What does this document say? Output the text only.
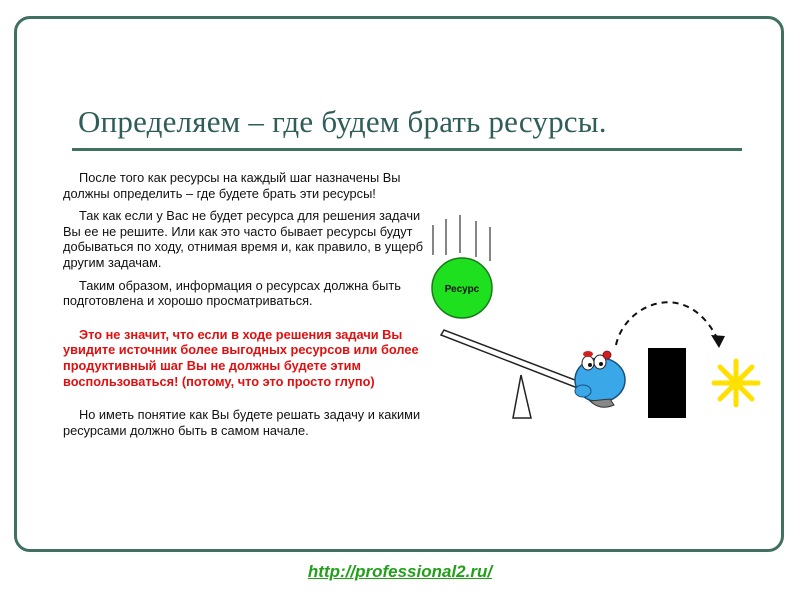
Определяем – где будем брать ресурсы.

После того как ресурсы на каждый шаг назначены Вы должны определить – где будете брать эти ресурсы!

Так как если у Вас не будет ресурса для решения задачи Вы ее не решите. Или как это часто бывает ресурсы будут добываться по ходу, отнимая время и, как правило, в ущерб другим задачам.

Таким образом, информация о ресурсах должна быть подготовлена и хорошо просматриваться.

Это не значит, что если в ходе решения задачи Вы увидите источник более выгодных ресурсов или более продуктивный шаг Вы не должны будете этим воспользоваться! (потому, что это просто глупо)

Но иметь понятие как Вы будете решать задачу и какими ресурсами должно быть в самом начале.

Ресурс
http://professional2.ru/
